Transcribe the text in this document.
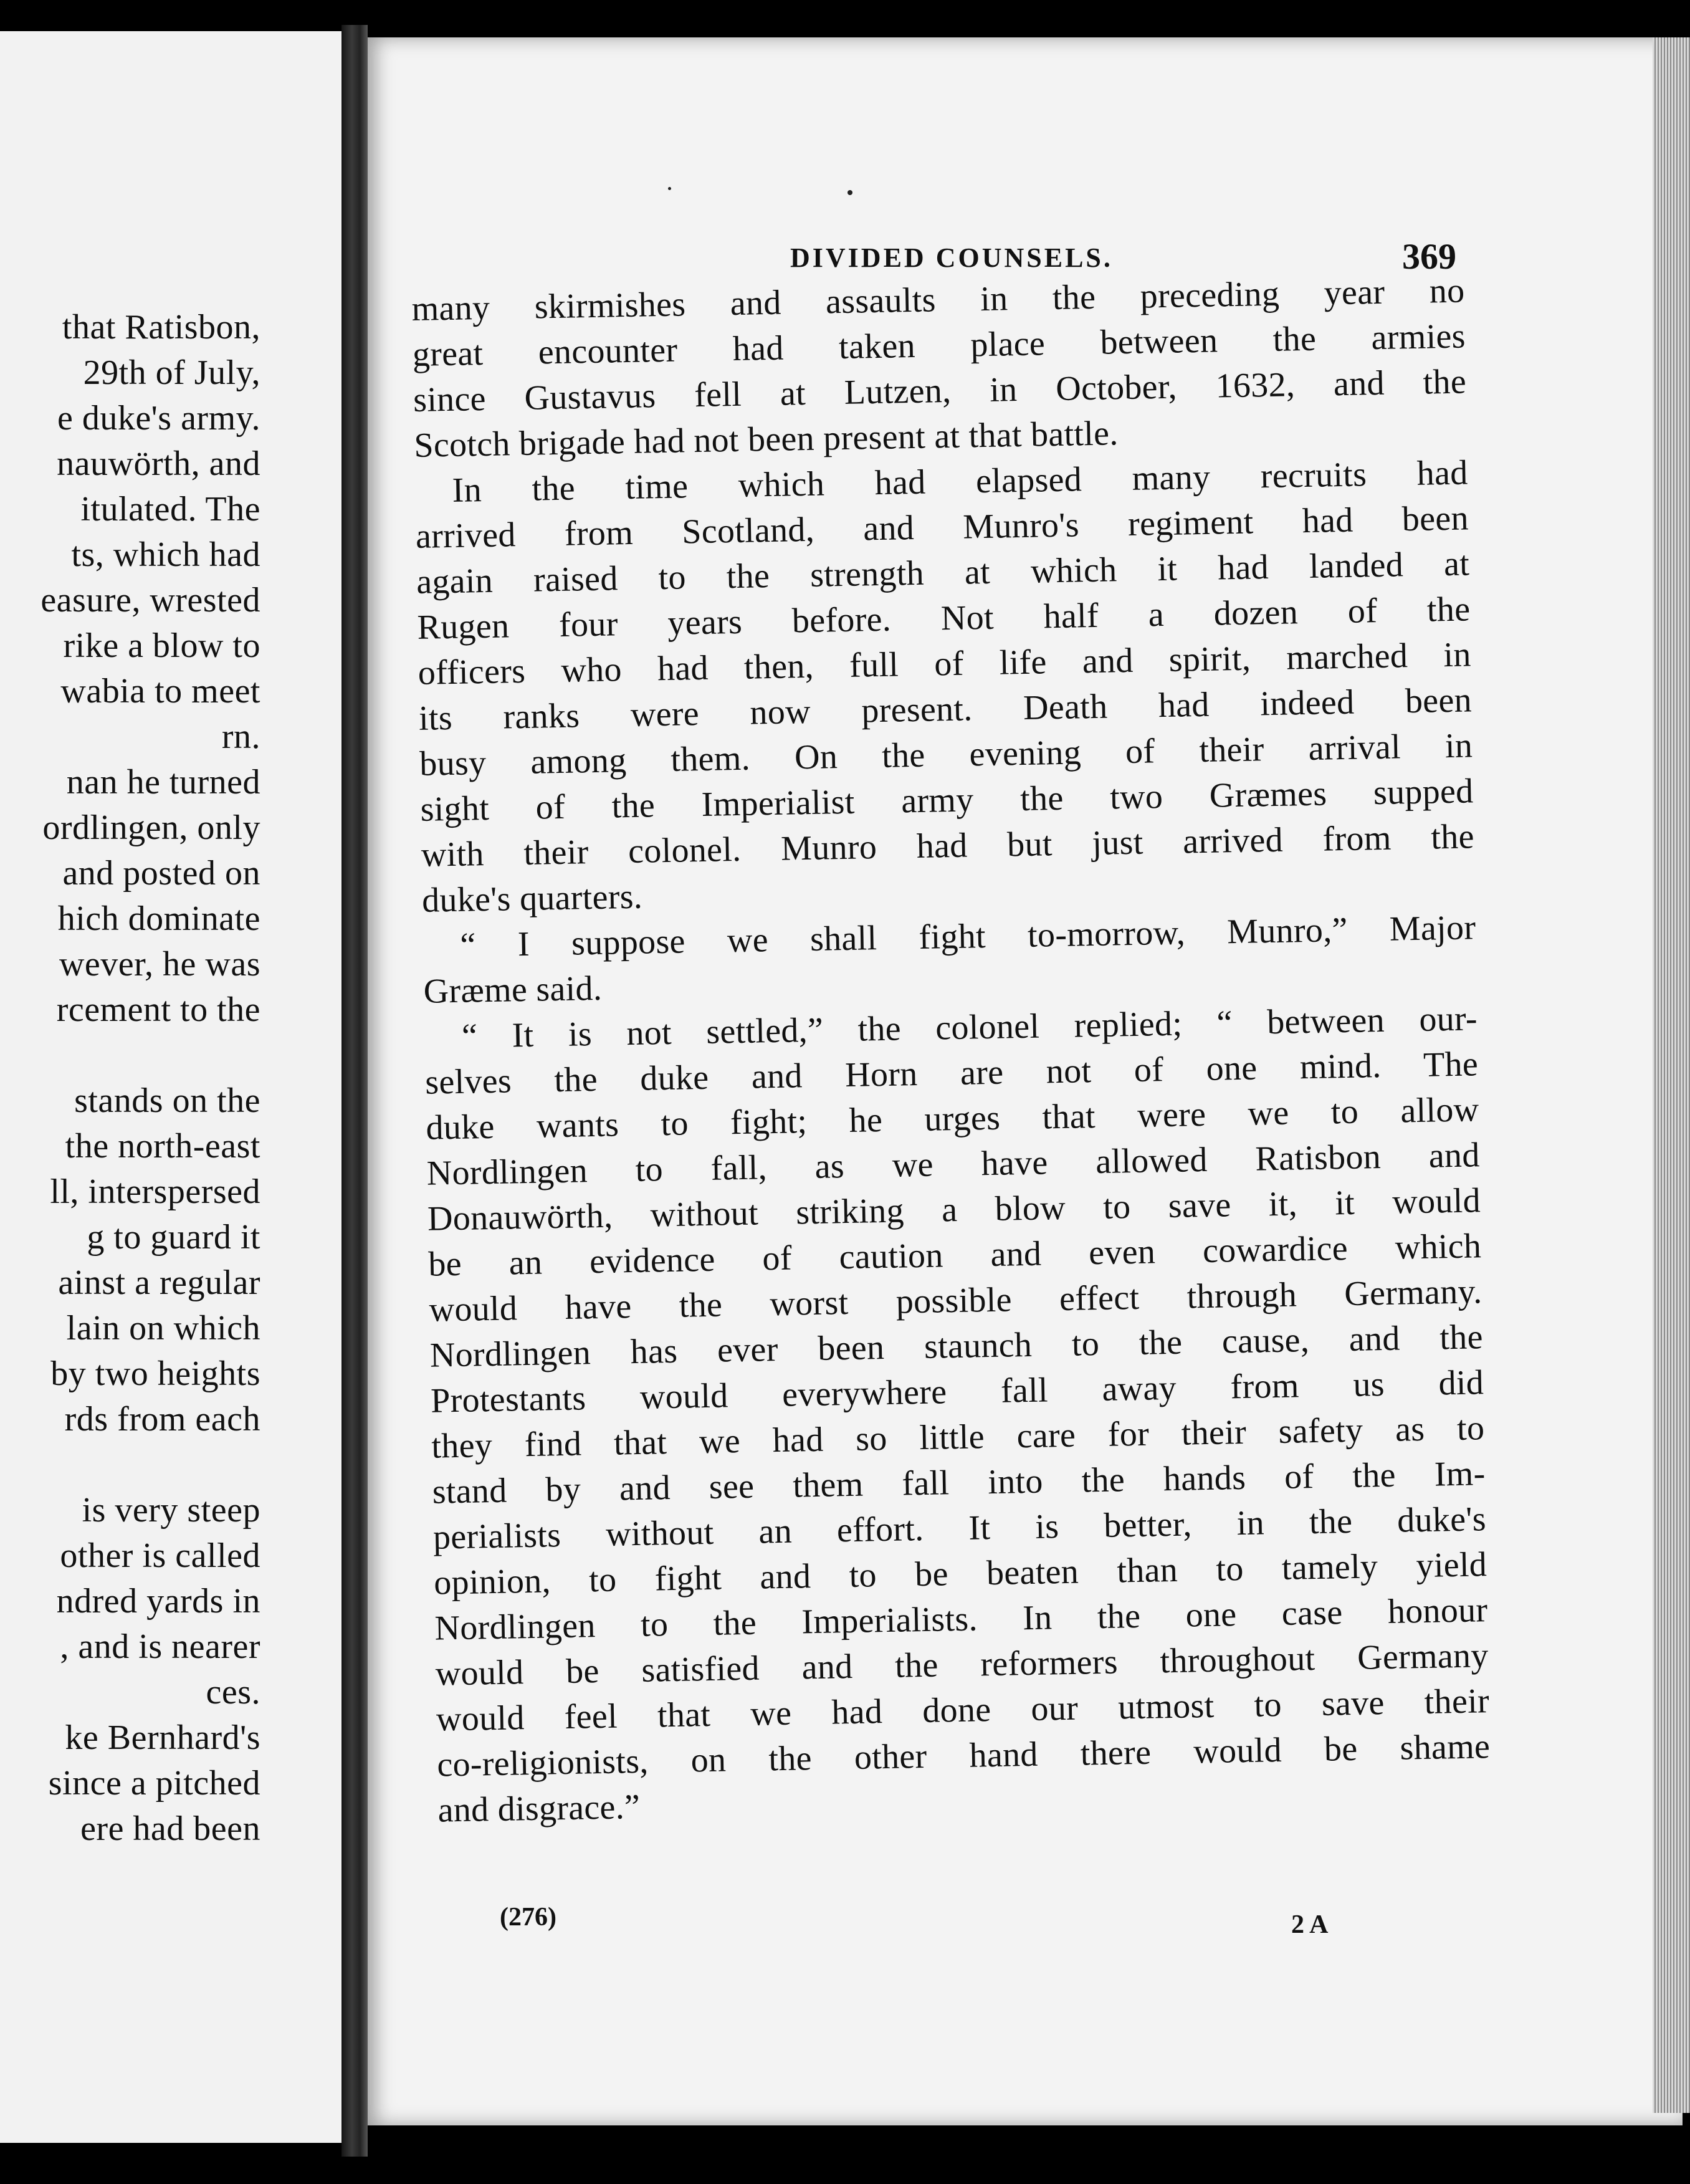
that Ratisbon,
29th of July,
e duke's army.
nauwörth, and
itulated. The
ts, which had
easure, wrested
rike a blow to
wabia to meet
rn.
nan he turned
ordlingen, only
and posted on
hich dominate
wever, he was
rcement to the
stands on the
the north-east
ll, interspersed
g to guard it
ainst a regular
lain on which
by two heights
rds from each
is very steep
other is called
ndred yards in
, and is nearer
ces.
ke Bernhard's
since a pitched
ere had been
DIVIDED COUNSELS.	369
many skirmishes and assaults in the preceding year no
great encounter had taken place between the armies
since Gustavus fell at Lutzen, in October, 1632, and the
Scotch brigade had not been present at that battle.
In the time which had elapsed many recruits had
arrived from Scotland, and Munro's regiment had been
again raised to the strength at which it had landed at
Rugen four years before. Not half a dozen of the
officers who had then, full of life and spirit, marched in
its ranks were now present. Death had indeed been
busy among them. On the evening of their arrival in
sight of the Imperialist army the two Græmes supped
with their colonel. Munro had but just arrived from the
duke's quarters.
“ I suppose we shall fight to-morrow, Munro,” Major
Græme said.
“ It is not settled,” the colonel replied; “ between our-
selves the duke and Horn are not of one mind. The
duke wants to fight; he urges that were we to allow
Nordlingen to fall, as we have allowed Ratisbon and
Donauwörth, without striking a blow to save it, it would
be an evidence of caution and even cowardice which
would have the worst possible effect through Germany.
Nordlingen has ever been staunch to the cause, and the
Protestants would everywhere fall away from us did
they find that we had so little care for their safety as to
stand by and see them fall into the hands of the Im-
perialists without an effort. It is better, in the duke's
opinion, to fight and to be beaten than to tamely yield
Nordlingen to the Imperialists. In the one case honour
would be satisfied and the reformers throughout Germany
would feel that we had done our utmost to save their
co-religionists, on the other hand there would be shame
and disgrace.”
(276)	2 A
